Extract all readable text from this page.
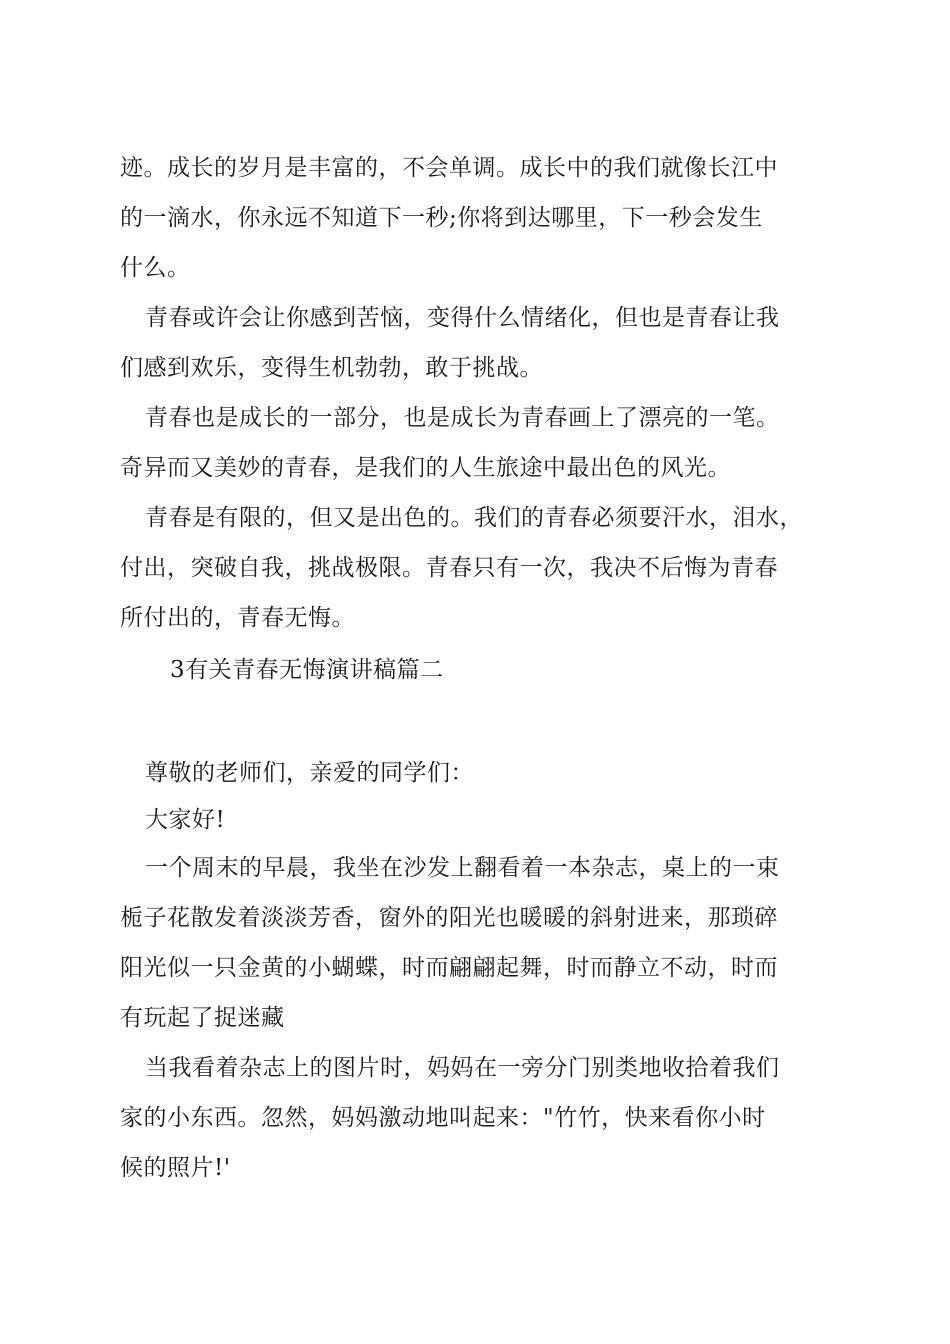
迹。成长的岁月是丰富的，不会单调。成长中的我们就像长江中
的一滴水，你永远不知道下一秒;你将到达哪里，下一秒会发生
什么。
青春或许会让你感到苦恼，变得什么情绪化，但也是青春让我
们感到欢乐，变得生机勃勃，敢于挑战。
青春也是成长的一部分，也是成长为青春画上了漂亮的一笔。
奇异而又美妙的青春，是我们的人生旅途中最出色的风光。
青春是有限的，但又是出色的。我们的青春必须要汗水，泪水，
付出，突破自我，挑战极限。青春只有一次，我决不后悔为青春
所付出的，青春无悔。
3有关青春无悔演讲稿篇二
尊敬的老师们，亲爱的同学们：
大家好!
一个周末的早晨，我坐在沙发上翻看着一本杂志，桌上的一束
栀子花散发着淡淡芳香，窗外的阳光也暖暖的斜射进来，那琐碎
阳光似一只金黄的小蝴蝶，时而翩翩起舞，时而静立不动，时而
有玩起了捉迷藏
当我看着杂志上的图片时，妈妈在一旁分门别类地收拾着我们
家的小东西。忽然，妈妈激动地叫起来："竹竹，快来看你小时
候的照片!'
